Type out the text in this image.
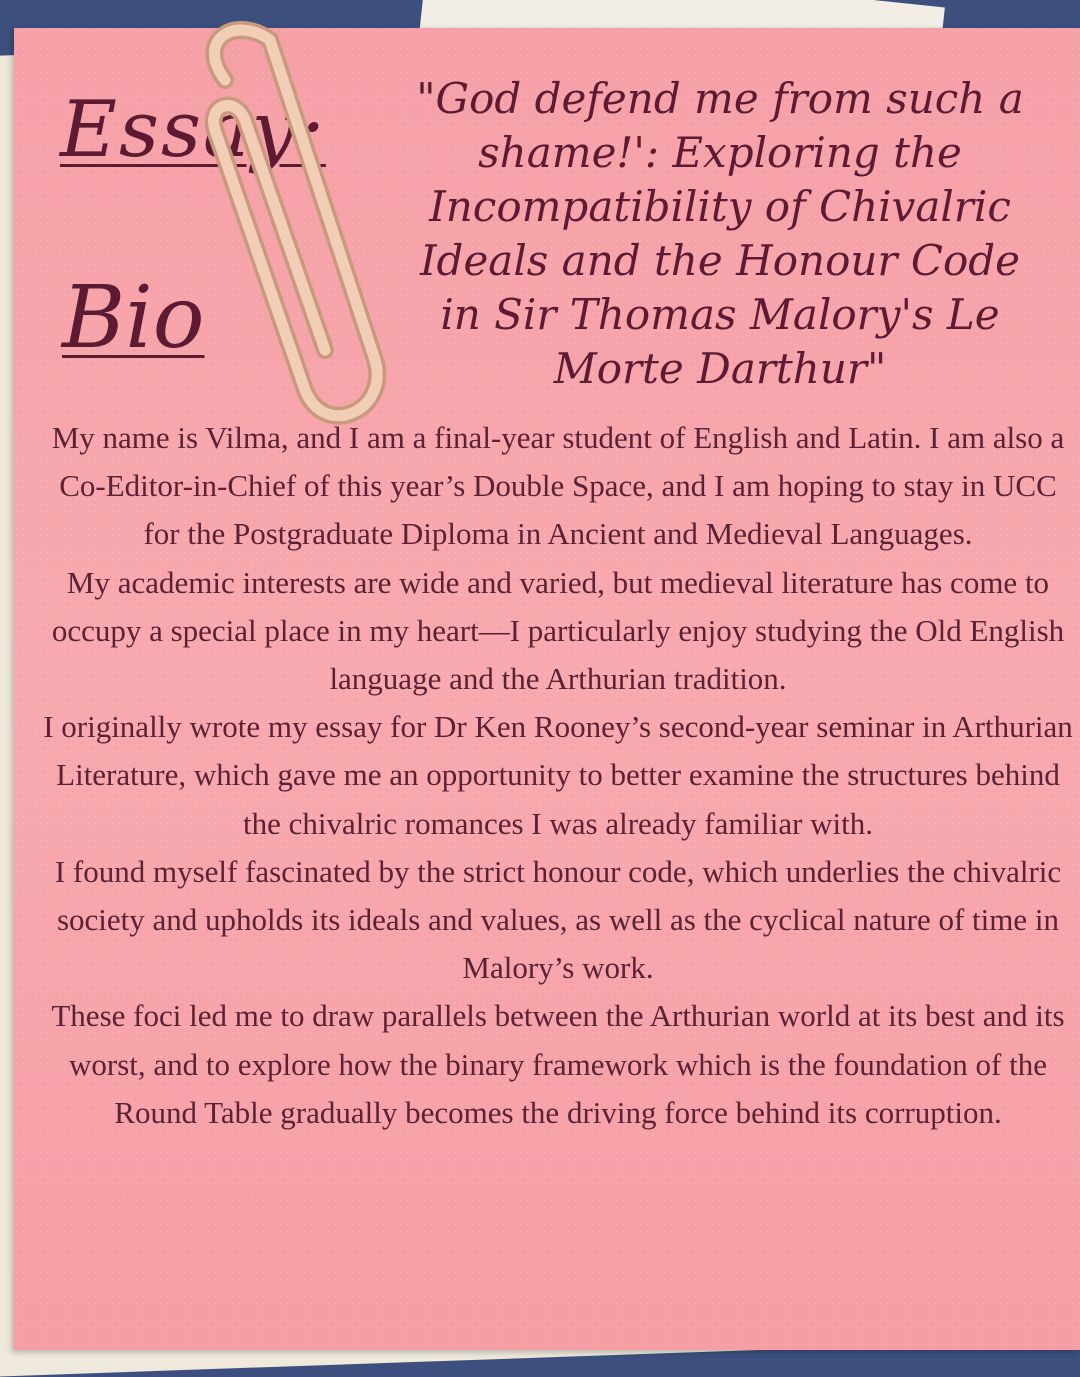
Essay:
Bio
"God defend me from such a shame!': Exploring the Incompatibility of Chivalric Ideals and the Honour Code in Sir Thomas Malory's Le Morte Darthur"

My name is Vilma, and I am a final-year student of English and Latin. I am also a Co-Editor-in-Chief of this year’s Double Space, and I am hoping to stay in UCC for the Postgraduate Diploma in Ancient and Medieval Languages.

My academic interests are wide and varied, but medieval literature has come to occupy a special place in my heart—I particularly enjoy studying the Old English language and the Arthurian tradition.

I originally wrote my essay for Dr Ken Rooney’s second-year seminar in Arthurian Literature, which gave me an opportunity to better examine the structures behind the chivalric romances I was already familiar with.

I found myself fascinated by the strict honour code, which underlies the chivalric society and upholds its ideals and values, as well as the cyclical nature of time in Malory’s work.

These foci led me to draw parallels between the Arthurian world at its best and its worst, and to explore how the binary framework which is the foundation of the Round Table gradually becomes the driving force behind its corruption.
